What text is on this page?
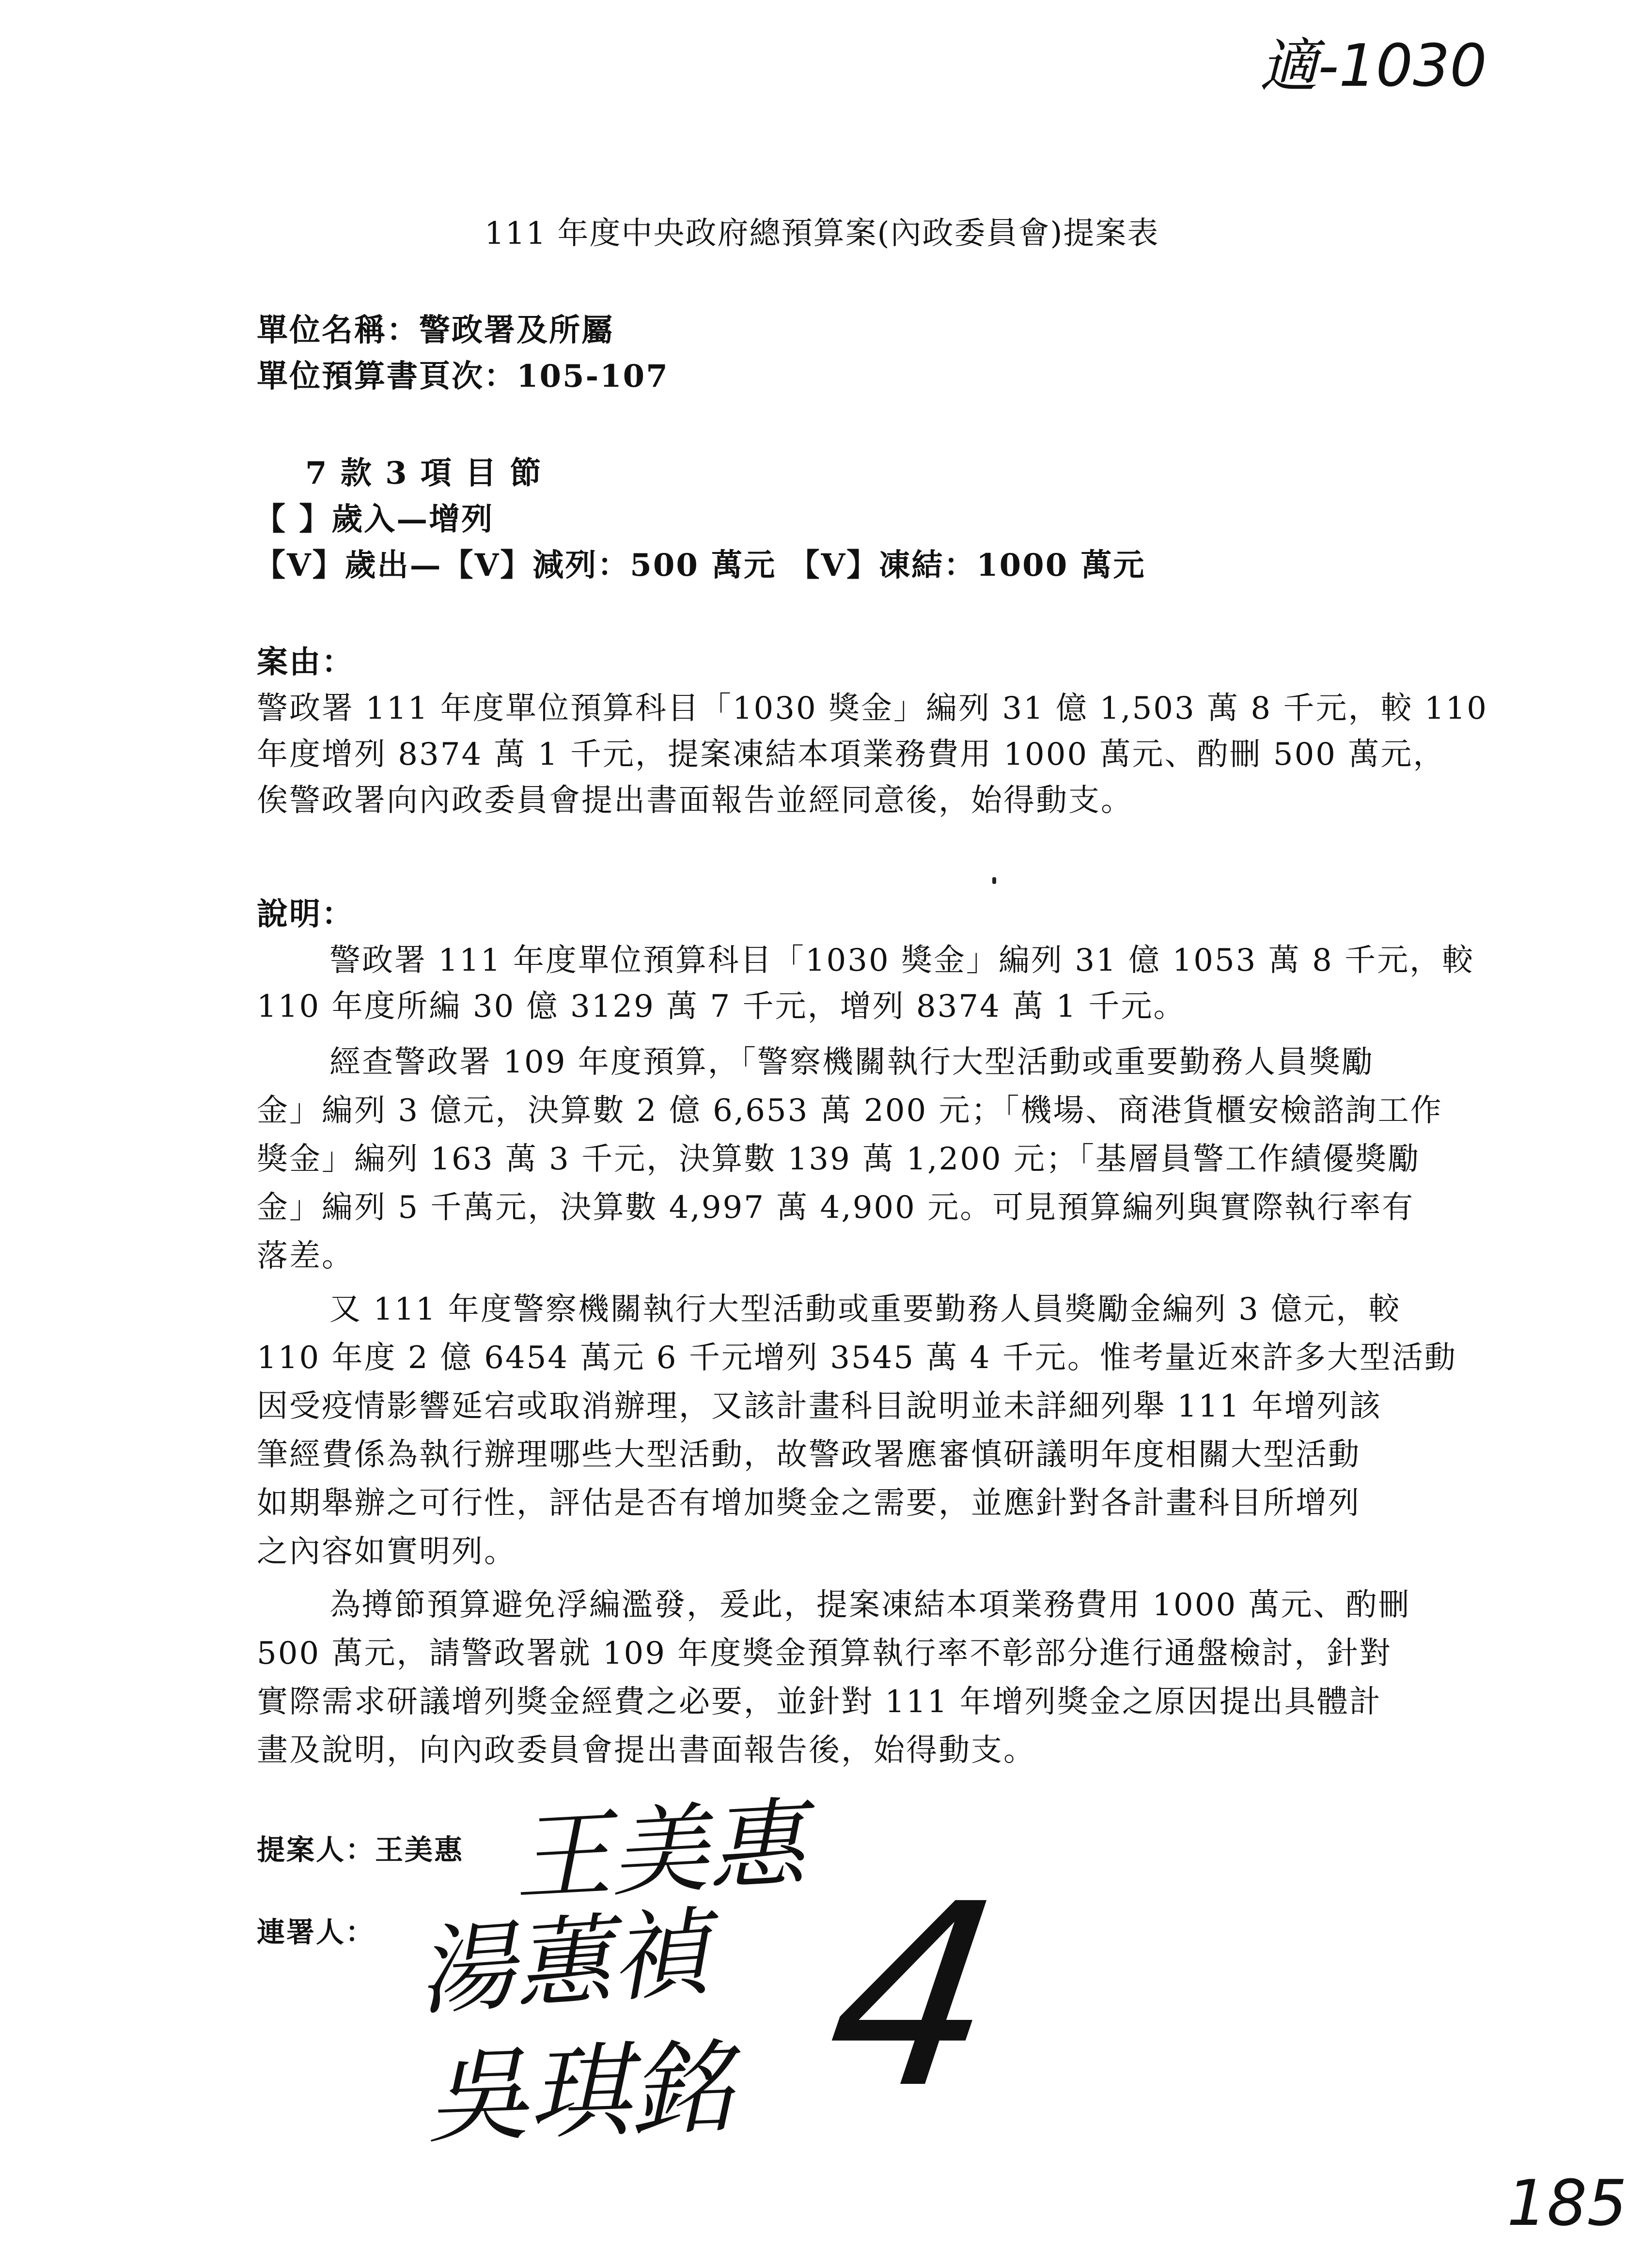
適-1030
111 年度中央政府總預算案(內政委員會)提案表
單位名稱：警政署及所屬
單位預算書頁次：105-107
7 款 3 項 目 節
【 】歲入—增列
【V】歲出—【V】減列：500 萬元 【V】凍結：1000 萬元
案由：
警政署 111 年度單位預算科目「1030 獎金」編列 31 億 1,503 萬 8 千元，較 110
年度增列 8374 萬 1 千元，提案凍結本項業務費用 1000 萬元、酌刪 500 萬元，
俟警政署向內政委員會提出書面報告並經同意後，始得動支。
說明：
警政署 111 年度單位預算科目「1030 獎金」編列 31 億 1053 萬 8 千元，較
110 年度所編 30 億 3129 萬 7 千元，增列 8374 萬 1 千元。
經查警政署 109 年度預算，「警察機關執行大型活動或重要勤務人員獎勵
金」編列 3 億元，決算數 2 億 6,653 萬 200 元；「機場、商港貨櫃安檢諮詢工作
獎金」編列 163 萬 3 千元，決算數 139 萬 1,200 元；「基層員警工作績優獎勵
金」編列 5 千萬元，決算數 4,997 萬 4,900 元。可見預算編列與實際執行率有
落差。
又 111 年度警察機關執行大型活動或重要勤務人員獎勵金編列 3 億元，較
110 年度 2 億 6454 萬元 6 千元增列 3545 萬 4 千元。惟考量近來許多大型活動
因受疫情影響延宕或取消辦理，又該計畫科目說明並未詳細列舉 111 年增列該
筆經費係為執行辦理哪些大型活動，故警政署應審慎研議明年度相關大型活動
如期舉辦之可行性，評估是否有增加獎金之需要，並應針對各計畫科目所增列
之內容如實明列。
為撙節預算避免浮編濫發，爰此，提案凍結本項業務費用 1000 萬元、酌刪
500 萬元，請警政署就 109 年度獎金預算執行率不彰部分進行通盤檢討，針對
實際需求研議增列獎金經費之必要，並針對 111 年增列獎金之原因提出具體計
畫及說明，向內政委員會提出書面報告後，始得動支。
提案人：王美惠 王美惠
連署人： 湯蕙禎
吳琪銘 4
185
